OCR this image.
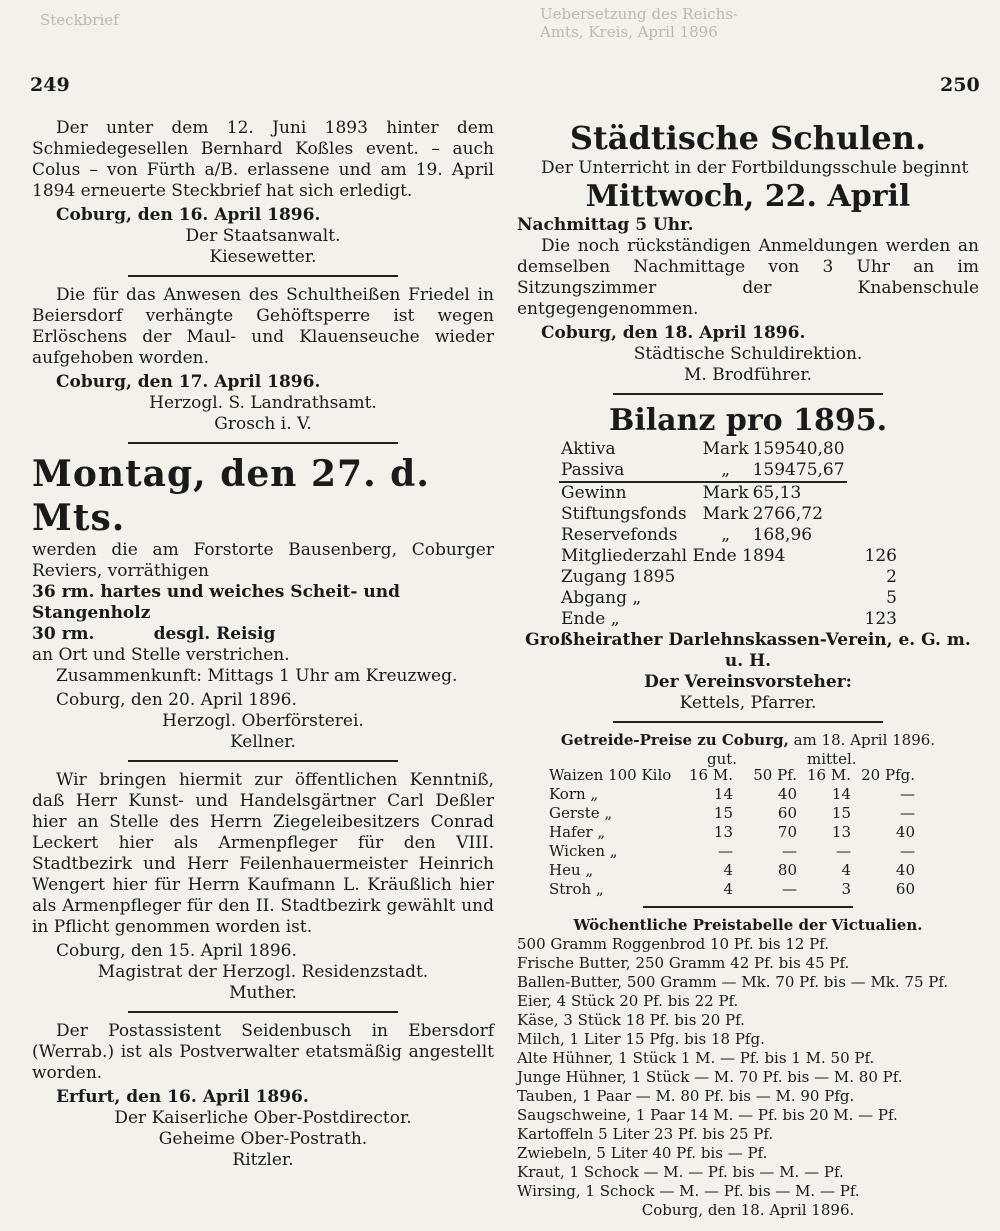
Uebersetzung des Reichs-
Amts, Kreis, April 1896
Steckbrief
249	250
Der unter dem 12. Juni 1893 hinter dem Schmiedegesellen Bernhard Koßles event. – auch Colus – von Fürth a/B. erlassene und am 19. April 1894 erneuerte Steckbrief hat sich erledigt.
Coburg, den 16. April 1896.
Der Staatsanwalt.
Kiesewetter.
Die für das Anwesen des Schultheißen Friedel in Beiersdorf verhängte Gehöftsperre ist wegen Erlöschens der Maul- und Klauenseuche wieder aufgehoben worden.
Coburg, den 17. April 1896.
Herzogl. S. Landrathsamt.
Grosch i. V.
Montag, den 27. d. Mts.
werden die am Forstorte Bausenberg, Coburger Reviers, vorräthigen
36 rm. hartes und weiches Scheit- und Stangenholz
30 rm.          desgl. Reisig
an Ort und Stelle verstrichen.
Zusammenkunft: Mittags 1 Uhr am Kreuzweg.
Coburg, den 20. April 1896.
Herzogl. Oberförsterei.
Kellner.
Wir bringen hiermit zur öffentlichen Kenntniß, daß Herr Kunst- und Handelsgärtner Carl Deßler hier an Stelle des Herrn Ziegeleibesitzers Conrad Leckert hier als Armenpfleger für den VIII. Stadtbezirk und Herr Feilenhauermeister Heinrich Wengert hier für Herrn Kaufmann L. Kräußlich hier als Armenpfleger für den II. Stadtbezirk gewählt und in Pflicht genommen worden ist.
Coburg, den 15. April 1896.
Magistrat der Herzogl. Residenzstadt.
Muther.
Der Postassistent Seidenbusch in Ebersdorf (Werrab.) ist als Postverwalter etatsmäßig angestellt worden.
Erfurt, den 16. April 1896.
Der Kaiserliche Ober-Postdirector.
Geheime Ober-Postrath.
Ritzler.
Städtische Schulen.
Der Unterricht in der Fortbildungsschule beginnt
Mittwoch, 22. April
Nachmittag 5 Uhr.
Die noch rückständigen Anmeldungen werden an demselben Nachmittage von 3 Uhr an im Sitzungszimmer der Knabenschule entgegengenommen.
Coburg, den 18. April 1896.
Städtische Schuldirektion.
M. Brodführer.
Bilanz pro 1895.
Aktiva	Mark	159540,80
Passiva	„	159475,67
Gewinn	Mark	65,13
Stiftungsfonds	Mark	2766,72
Reservefonds	„	168,96
Mitgliederzahl Ende 1894	126
Zugang 1895	2
Abgang „	5
Ende „	123
Großheirather Darlehnskassen-Verein, e. G. m. u. H.
Der Vereinsvorsteher:
Kettels, Pfarrer.
Getreide-Preise zu Coburg, am 18. April 1896.
gut.	mittel.
Waizen 100 Kilo	16 M.	50 Pf.	16 M.	20 Pfg.
Korn „	14	40	14	—
Gerste „	15	60	15	—
Hafer „	13	70	13	40
Wicken „	—	—	—	—
Heu „	4	80	4	40
Stroh „	4	—	3	60
Wöchentliche Preistabelle der Victualien.
500 Gramm Roggenbrod 10 Pf. bis 12 Pf.
Frische Butter, 250 Gramm 42 Pf. bis 45 Pf.
Ballen-Butter, 500 Gramm — Mk. 70 Pf. bis — Mk. 75 Pf.
Eier, 4 Stück 20 Pf. bis 22 Pf.
Käse, 3 Stück 18 Pf. bis 20 Pf.
Milch, 1 Liter 15 Pfg. bis 18 Pfg.
Alte Hühner, 1 Stück 1 M. — Pf. bis 1 M. 50 Pf.
Junge Hühner, 1 Stück — M. 70 Pf. bis — M. 80 Pf.
Tauben, 1 Paar — M. 80 Pf. bis — M. 90 Pfg.
Saugschweine, 1 Paar 14 M. — Pf. bis 20 M. — Pf.
Kartoffeln 5 Liter 23 Pf. bis 25 Pf.
Zwiebeln, 5 Liter 40 Pf. bis — Pf.
Kraut, 1 Schock — M. — Pf. bis — M. — Pf.
Wirsing, 1 Schock — M. — Pf. bis — M. — Pf.
Coburg, den 18. April 1896.
